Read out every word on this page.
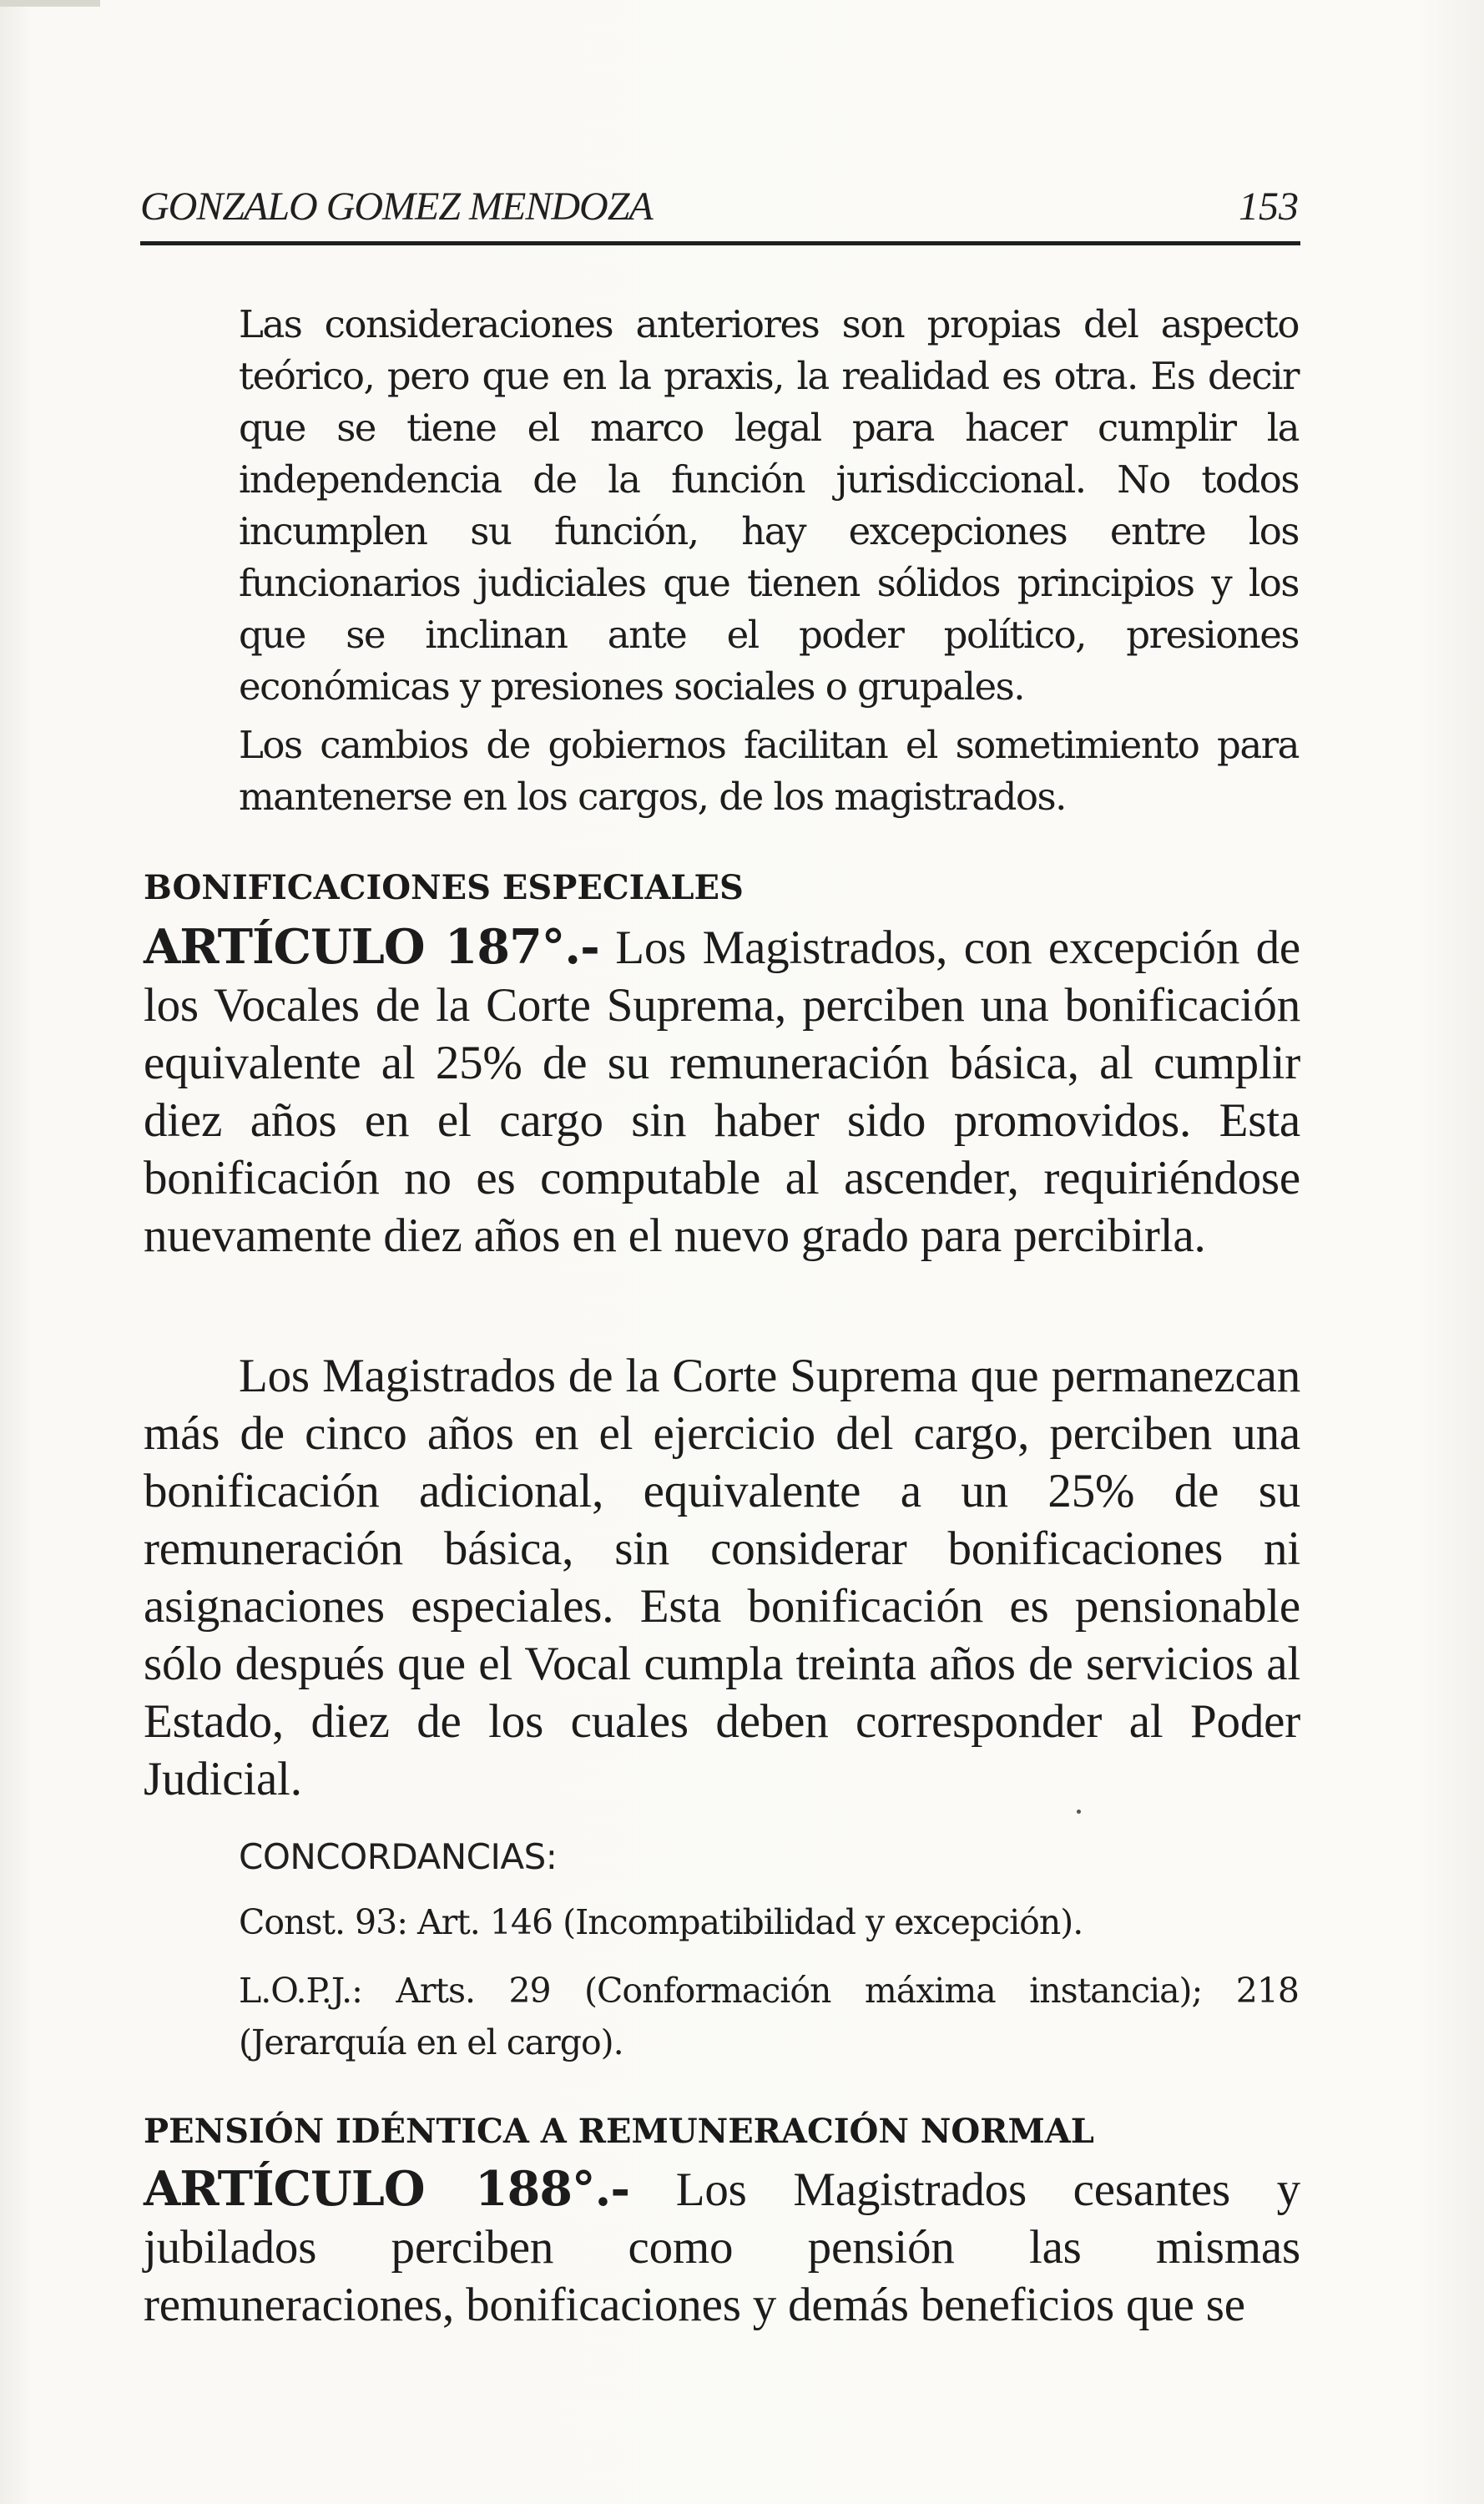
GONZALO GOMEZ MENDOZA	153

Las consideraciones anteriores son propias del aspecto teórico, pero que en la praxis, la realidad es otra. Es decir que se tiene el marco legal para hacer cumplir la independencia de la función jurisdiccional. No todos incumplen su función, hay excepciones entre los funcionarios judiciales que tienen sólidos principios y los que se inclinan ante el poder político, presiones económicas y presiones sociales o grupales.

Los cambios de gobiernos facilitan el sometimiento para mantenerse en los cargos, de los magistrados.

BONIFICACIONES ESPECIALES

ARTÍCULO 187°.- Los Magistrados, con excepción de los Vocales de la Corte Suprema, perciben una bonificación equivalente al 25% de su remuneración básica, al cumplir diez años en el cargo sin haber sido promovidos. Esta bonificación no es computable al ascender, requiriéndose nuevamente diez años en el nuevo grado para percibirla.

Los Magistrados de la Corte Suprema que permanezcan más de cinco años en el ejercicio del cargo, perciben una bonificación adicional, equivalente a un 25% de su remuneración básica, sin considerar bonificaciones ni asignaciones especiales. Esta bonificación es pensionable sólo después que el Vocal cumpla treinta años de servicios al Estado, diez de los cuales deben corresponder al Poder Judicial.

CONCORDANCIAS:

Const. 93: Art. 146 (Incompatibilidad y excepción).

L.O.P.J.: Arts. 29 (Conformación máxima instancia); 218 (Jerarquía en el cargo).

PENSIÓN IDÉNTICA A REMUNERACIÓN NORMAL

ARTÍCULO 188°.- Los Magistrados cesantes y jubilados perciben como pensión las mismas remuneraciones, bonificaciones y demás beneficios que se
